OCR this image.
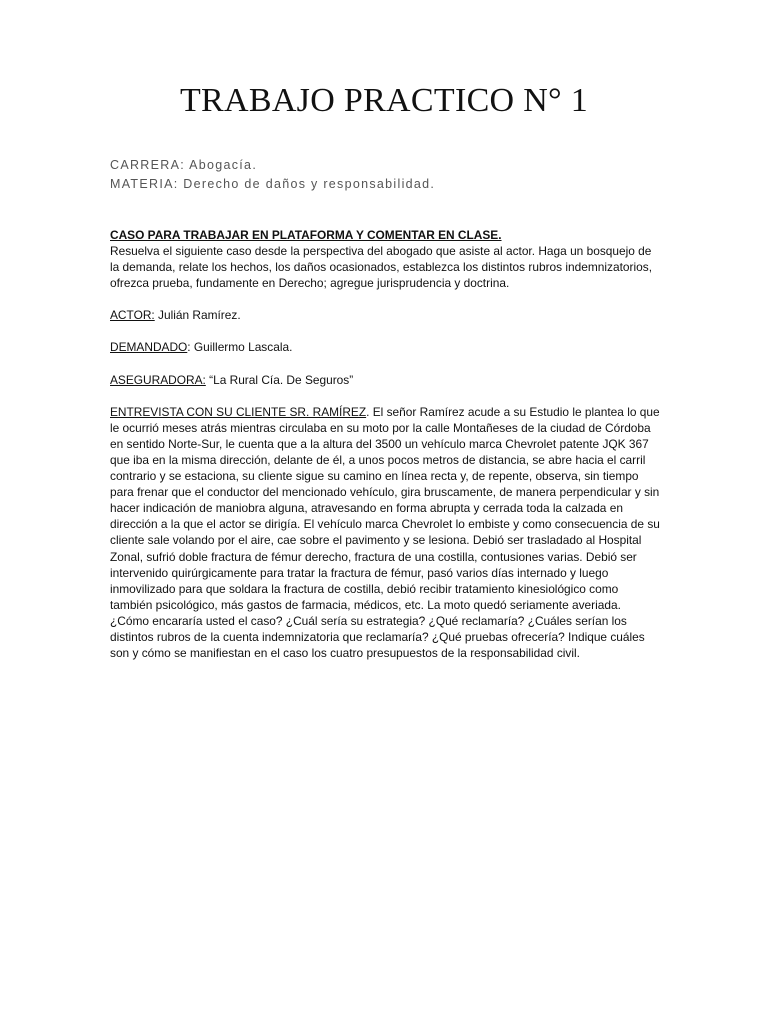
TRABAJO PRACTICO N° 1
CARRERA: Abogacía.
MATERIA: Derecho de daños y responsabilidad.

CASO PARA TRABAJAR EN PLATAFORMA Y COMENTAR EN CLASE.

Resuelva el siguiente caso desde la perspectiva del abogado que asiste al actor. Haga un bosquejo de la demanda, relate los hechos, los daños ocasionados, establezca los distintos rubros indemnizatorios, ofrezca prueba, fundamente en Derecho; agregue jurisprudencia y doctrina.

ACTOR: Julián Ramírez.

DEMANDADO: Guillermo Lascala.

ASEGURADORA: “La Rural Cía. De Seguros”

ENTREVISTA CON SU CLIENTE SR. RAMÍREZ. El señor Ramírez acude a su Estudio le plantea lo que le ocurrió meses atrás mientras circulaba en su moto por la calle Montañeses de la ciudad de Córdoba en sentido Norte-Sur, le cuenta que a la altura del 3500 un vehículo marca Chevrolet patente JQK 367 que iba en la misma dirección, delante de él, a unos pocos metros de distancia, se abre hacia el carril contrario y se estaciona, su cliente sigue su camino en línea recta y, de repente, observa, sin tiempo para frenar que el conductor del mencionado vehículo, gira bruscamente, de manera perpendicular y sin hacer indicación de maniobra alguna, atravesando en forma abrupta y cerrada toda la calzada en dirección a la que el actor se dirigía. El vehículo marca Chevrolet lo embiste y como consecuencia de su cliente sale volando por el aire, cae sobre el pavimento y se lesiona. Debió ser trasladado al Hospital Zonal, sufrió doble fractura de fémur derecho, fractura de una costilla, contusiones varias. Debió ser intervenido quirúrgicamente para tratar la fractura de fémur, pasó varios días internado y luego inmovilizado para que soldara la fractura de costilla, debió recibir tratamiento kinesiológico como también psicológico, más gastos de farmacia, médicos, etc. La moto quedó seriamente averiada.

¿Cómo encararía usted el caso? ¿Cuál sería su estrategia? ¿Qué reclamaría? ¿Cuáles serían los distintos rubros de la cuenta indemnizatoria que reclamaría? ¿Qué pruebas ofrecería? Indique cuáles son y cómo se manifiestan en el caso los cuatro presupuestos de la responsabilidad civil.
